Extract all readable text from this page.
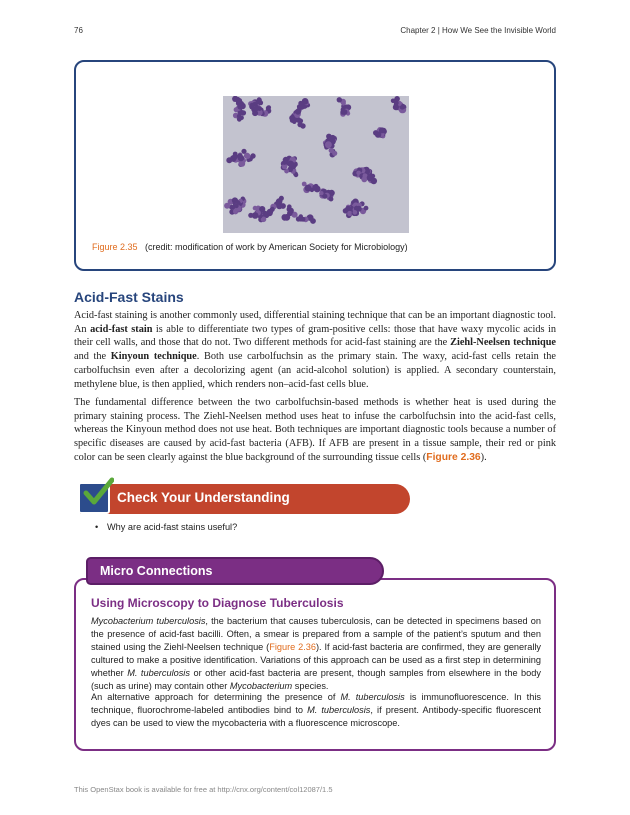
76	Chapter 2 | How We See the Invisible World
Figure 2.35 (credit: modification of work by American Society for Microbiology)
Acid-Fast Stains

Acid-fast staining is another commonly used, differential staining technique that can be an important diagnostic tool. An acid-fast stain is able to differentiate two types of gram-positive cells: those that have waxy mycolic acids in their cell walls, and those that do not. Two different methods for acid-fast staining are the Ziehl-Neelsen technique and the Kinyoun technique. Both use carbolfuchsin as the primary stain. The waxy, acid-fast cells retain the carbolfuchsin even after a decolorizing agent (an acid-alcohol solution) is applied. A secondary counterstain, methylene blue, is then applied, which renders non–acid-fast cells blue.

The fundamental difference between the two carbolfuchsin-based methods is whether heat is used during the primary staining process. The Ziehl-Neelsen method uses heat to infuse the carbolfuchsin into the acid-fast cells, whereas the Kinyoun method does not use heat. Both techniques are important diagnostic tools because a number of specific diseases are caused by acid-fast bacteria (AFB). If AFB are present in a tissue sample, their red or pink color can be seen clearly against the blue background of the surrounding tissue cells (Figure 2.36).

Check Your Understanding
• Why are acid-fast stains useful?
Micro Connections
Using Microscopy to Diagnose Tuberculosis

Mycobacterium tuberculosis, the bacterium that causes tuberculosis, can be detected in specimens based on the presence of acid-fast bacilli. Often, a smear is prepared from a sample of the patient’s sputum and then stained using the Ziehl-Neelsen technique (Figure 2.36). If acid-fast bacteria are confirmed, they are generally cultured to make a positive identification. Variations of this approach can be used as a first step in determining whether M. tuberculosis or other acid-fast bacteria are present, though samples from elsewhere in the body (such as urine) may contain other Mycobacterium species.

An alternative approach for determining the presence of M. tuberculosis is immunofluorescence. In this technique, fluorochrome-labeled antibodies bind to M. tuberculosis, if present. Antibody-specific fluorescent dyes can be used to view the mycobacteria with a fluorescence microscope.

This OpenStax book is available for free at http://cnx.org/content/col12087/1.5
